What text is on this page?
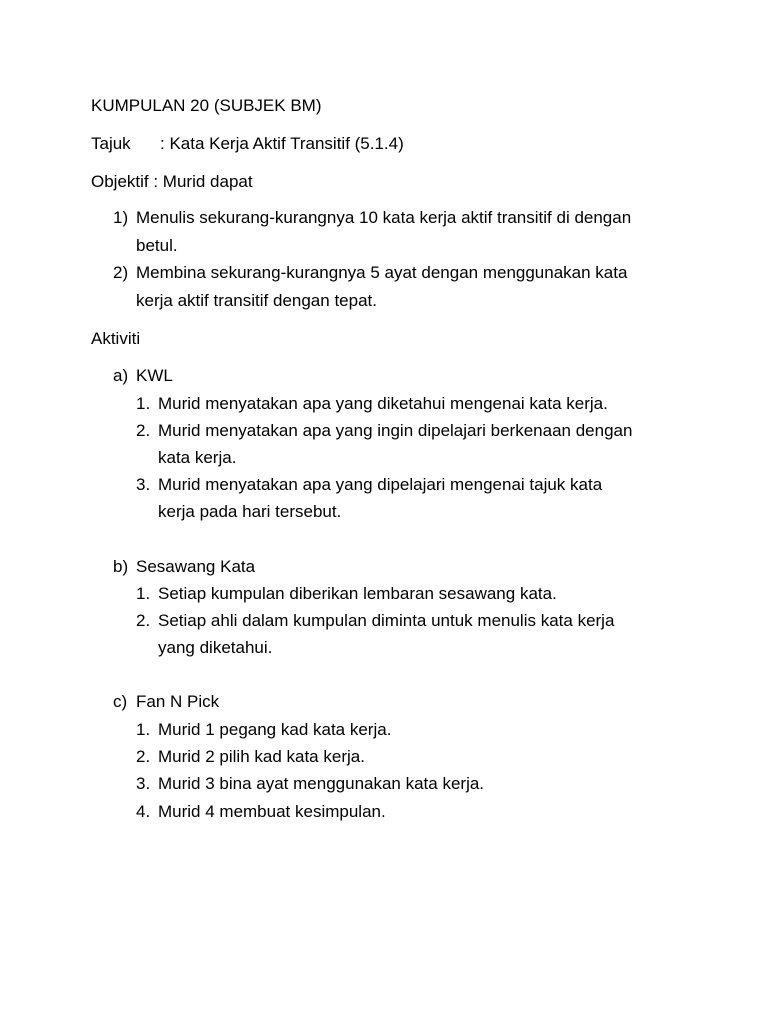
KUMPULAN 20 (SUBJEK BM)
Tajuk : Kata Kerja Aktif Transitif (5.1.4)
Objektif : Murid dapat
1) Menulis sekurang-kurangnya 10 kata kerja aktif transitif di dengan
betul.
2) Membina sekurang-kurangnya 5 ayat dengan menggunakan kata
kerja aktif transitif dengan tepat.
Aktiviti
a) KWL
1. Murid menyatakan apa yang diketahui mengenai kata kerja.
2. Murid menyatakan apa yang ingin dipelajari berkenaan dengan
kata kerja.
3. Murid menyatakan apa yang dipelajari mengenai tajuk kata
kerja pada hari tersebut.
b) Sesawang Kata
1. Setiap kumpulan diberikan lembaran sesawang kata.
2. Setiap ahli dalam kumpulan diminta untuk menulis kata kerja
yang diketahui.
c) Fan N Pick
1. Murid 1 pegang kad kata kerja.
2. Murid 2 pilih kad kata kerja.
3. Murid 3 bina ayat menggunakan kata kerja.
4. Murid 4 membuat kesimpulan.
